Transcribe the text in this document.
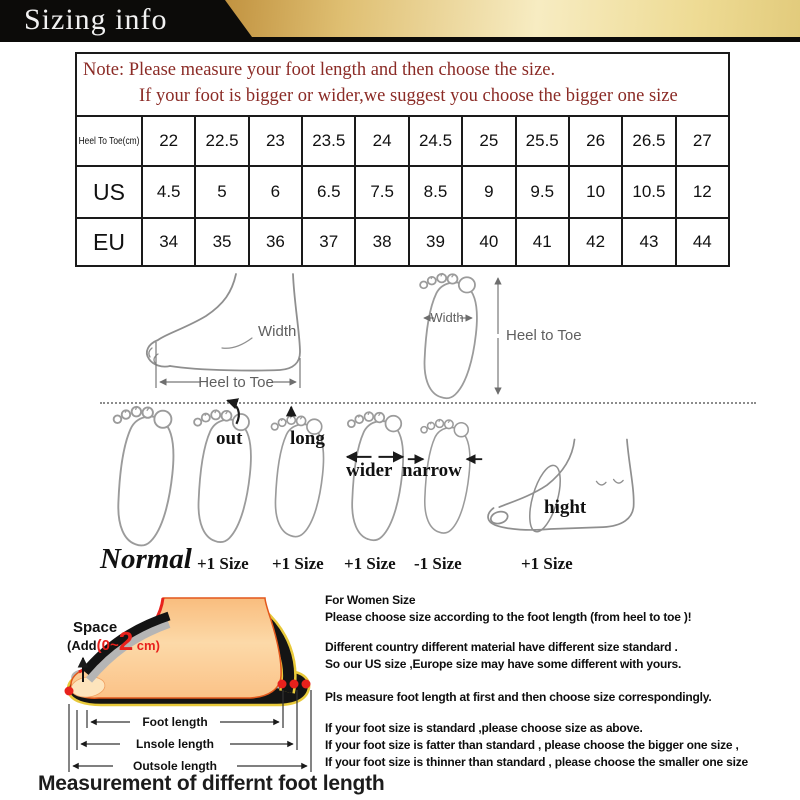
Sizing info
Note: Please measure your foot length and then choose the size.
If your foot is bigger or wider,we suggest you choose the bigger one size
Heel To Toe(cm)	22	22.5	23	23.5	24	24.5	25	25.5	26	26.5	27
US	4.5	5	6	6.5	7.5	8.5	9	9.5	10	10.5	12
EU	34	35	36	37	38	39	40	41	42	43	44
Width
Heel to Toe
Width
Heel to Toe
out	long
wider narrow
hight
Normal +1 Size +1 Size +1 Size -1 Size	+1 Size
Space
(Add(0~2 cm)
Foot length
Lnsole length
Outsole length
Measurement of differnt foot length
For Women Size
Please choose size according to the foot length (from heel to toe )!
Different country different material have different size standard .
So our US size ,Europe size may have some different with yours.
Pls measure foot length at first and then choose size correspondingly.
If your foot size is standard ,please choose size as above.
If your foot size is fatter than standard , please choose the bigger one size ,
If your foot size is thinner than standard , please choose the smaller one size
